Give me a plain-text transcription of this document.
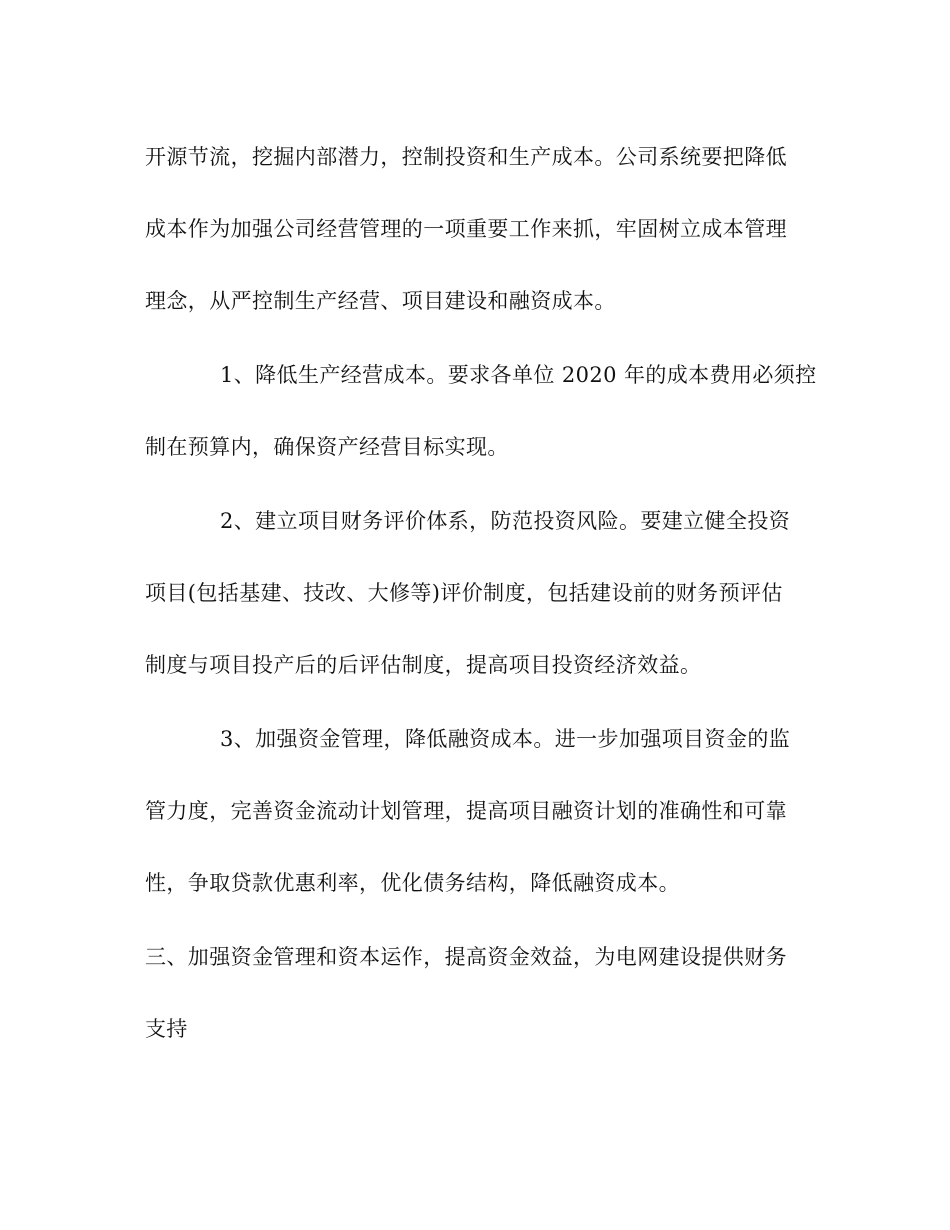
开源节流，挖掘内部潜力，控制投资和生产成本。公司系统要把降低
成本作为加强公司经营管理的一项重要工作来抓，牢固树立成本管理
理念，从严控制生产经营、项目建设和融资成本。
1、降低生产经营成本。要求各单位 2020 年的成本费用必须控
制在预算内，确保资产经营目标实现。
2、建立项目财务评价体系，防范投资风险。要建立健全投资
项目(包括基建、技改、大修等)评价制度，包括建设前的财务预评估
制度与项目投产后的后评估制度，提高项目投资经济效益。
3、加强资金管理，降低融资成本。进一步加强项目资金的监
管力度，完善资金流动计划管理，提高项目融资计划的准确性和可靠
性，争取贷款优惠利率，优化债务结构，降低融资成本。
三、加强资金管理和资本运作，提高资金效益，为电网建设提供财务
支持
